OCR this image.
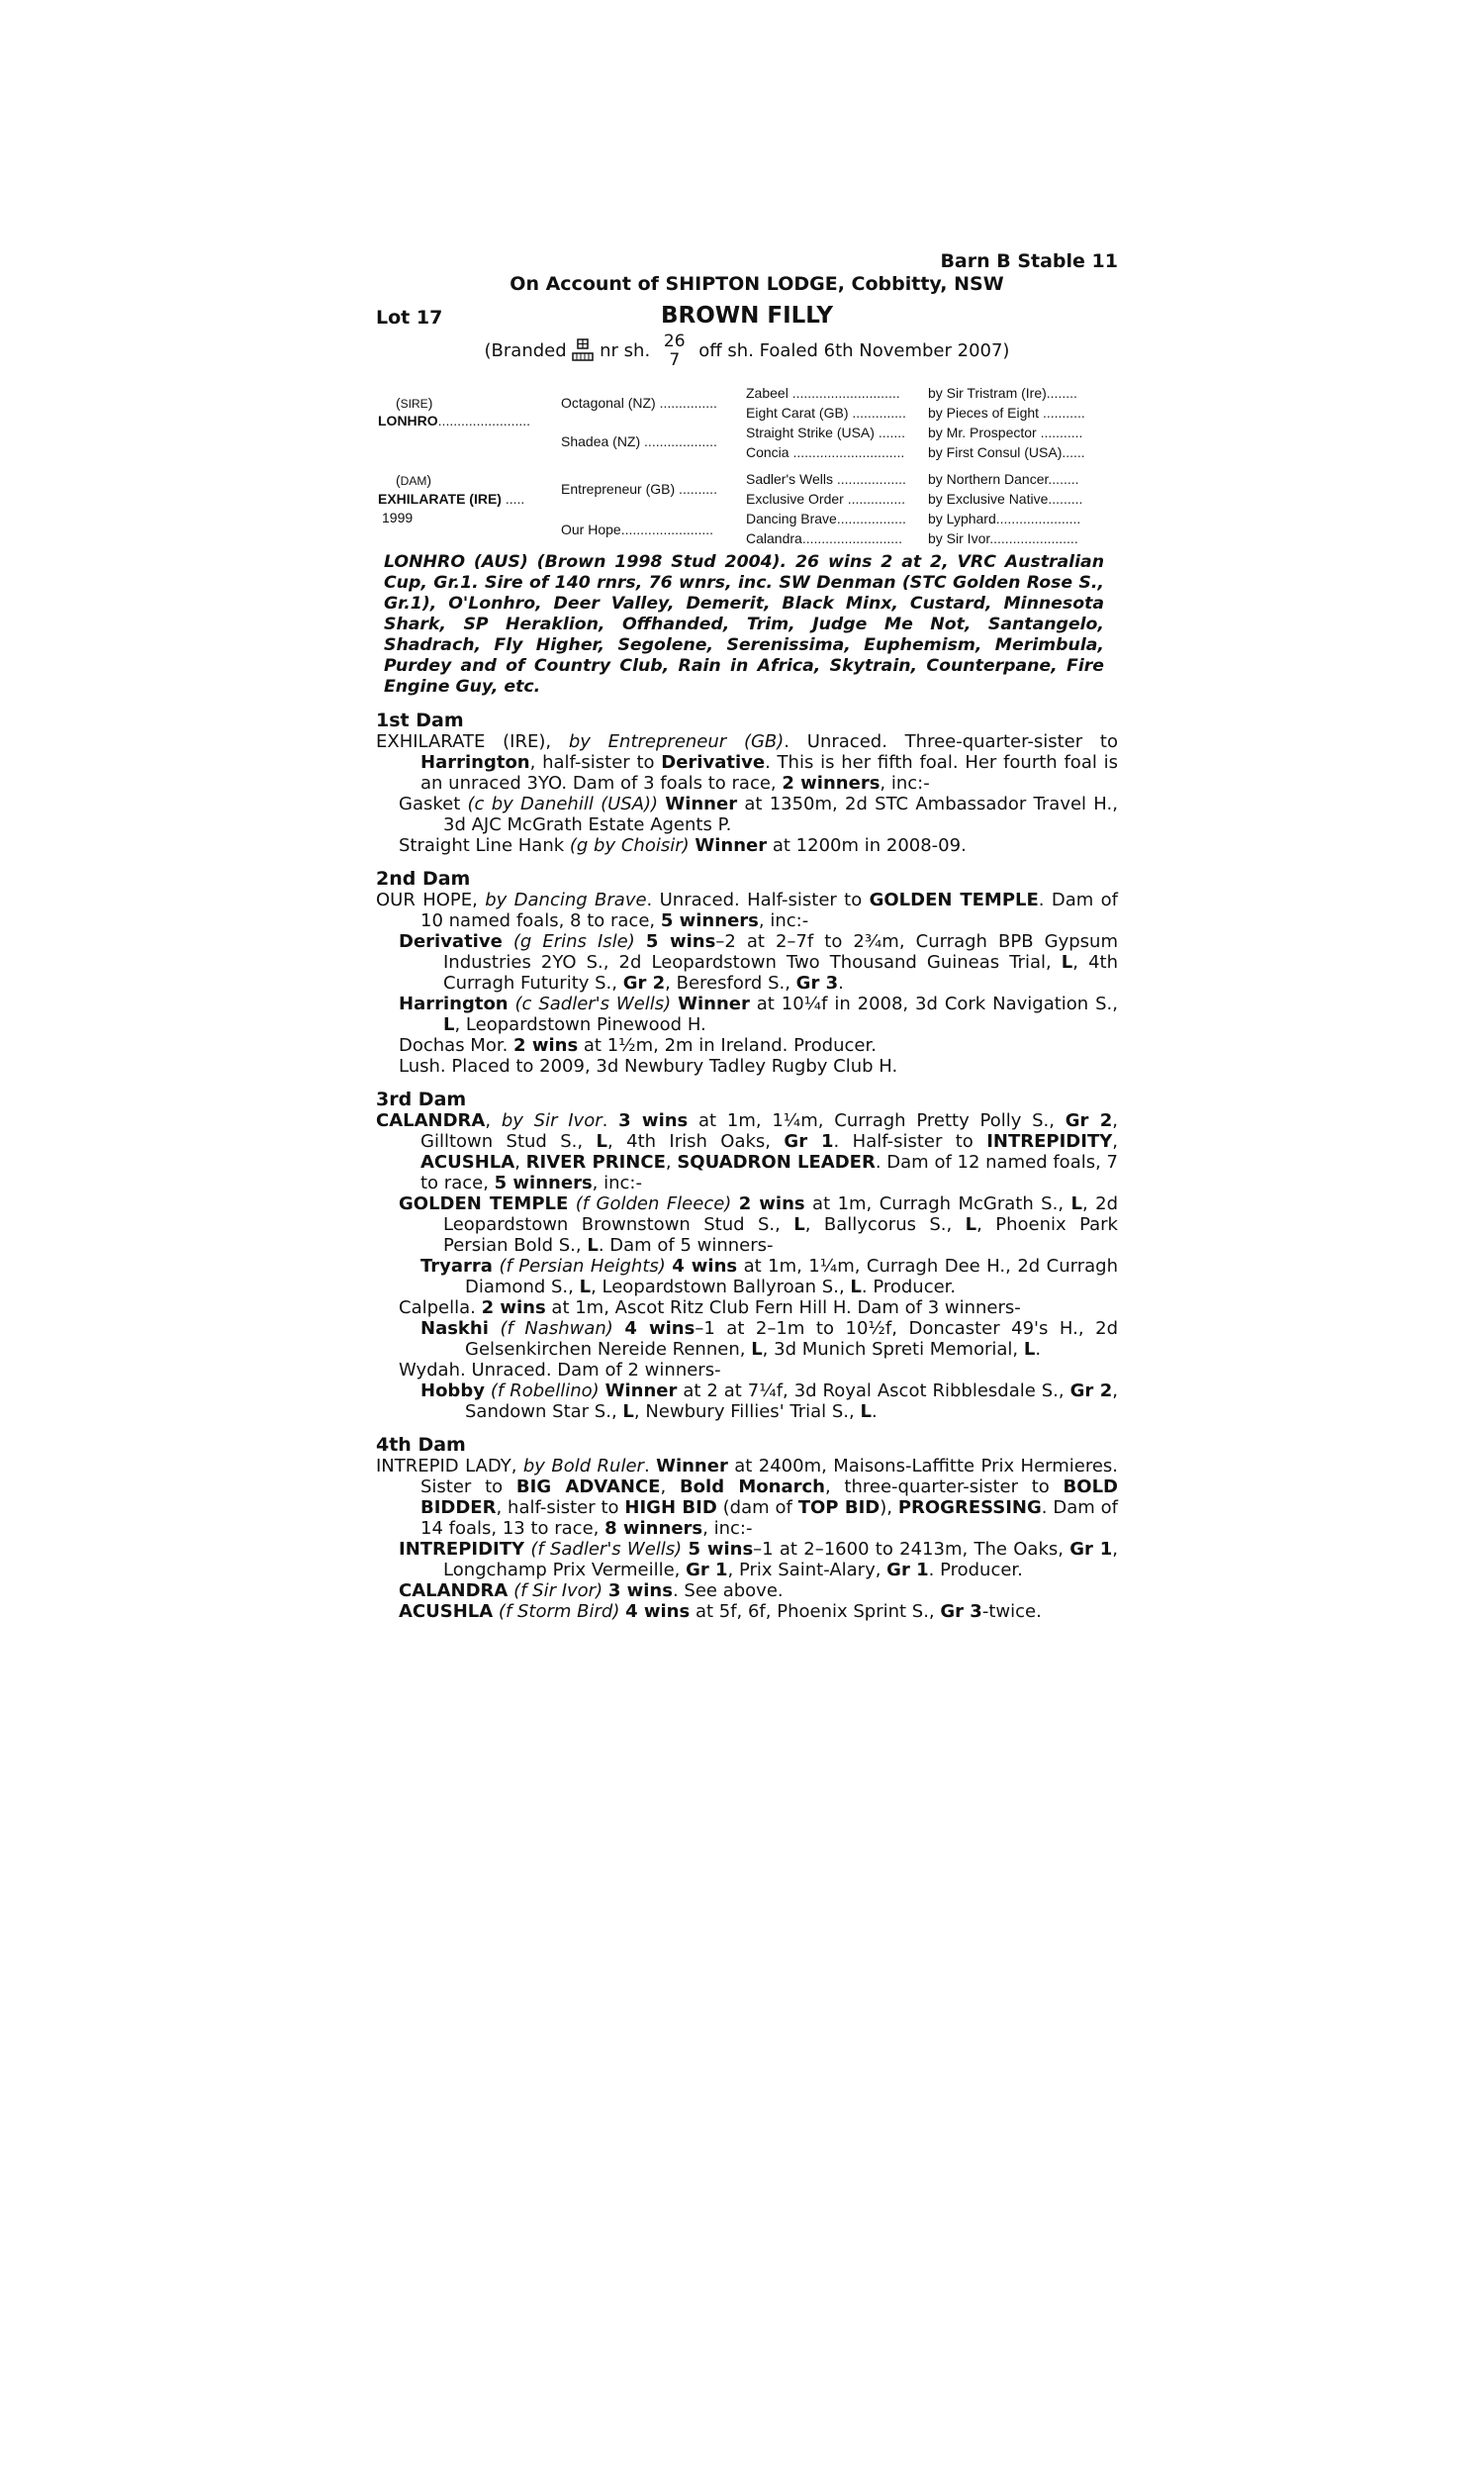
Barn B Stable 11
On Account of SHIPTON LODGE, Cobbitty, NSW
Lot 17	BROWN FILLY
(Branded nr sh. 26
7	off sh. Foaled 6th November 2007)
(SIRE)
LONHRO........................
(DAM)
EXHILARATE (IRE) .....
1999
Octagonal (NZ) ...............
Shadea (NZ) ...................
Entrepreneur (GB) ..........
Our Hope........................
Zabeel ............................
Eight Carat (GB) ..............
Straight Strike (USA) .......
Concia .............................
Sadler's Wells ..................
Exclusive Order ...............
Dancing Brave..................
Calandra..........................
by Sir Tristram (Ire)........
by Pieces of Eight ...........
by Mr. Prospector ...........
by First Consul (USA)......
by Northern Dancer........
by Exclusive Native.........
by Lyphard......................
by Sir Ivor.......................
LONHRO (AUS) (Brown 1998 Stud 2004). 26 wins 2 at 2, VRC Australian Cup, Gr.1. Sire of 140 rnrs, 76 wnrs, inc. SW Denman (STC Golden Rose S., Gr.1), O'Lonhro, Deer Valley, Demerit, Black Minx, Custard, Minnesota Shark, SP Heraklion, Offhanded, Trim, Judge Me Not, Santangelo, Shadrach, Fly Higher, Segolene, Serenissima, Euphemism, Merimbula, Purdey and of Country Club, Rain in Africa, Skytrain, Counterpane, Fire Engine Guy, etc.
1st Dam
EXHILARATE (IRE), by Entrepreneur (GB). Unraced. Three-quarter-sister to Harrington, half-sister to Derivative. This is her fifth foal. Her fourth foal is an unraced 3YO. Dam of 3 foals to race, 2 winners, inc:-
Gasket (c by Danehill (USA)) Winner at 1350m, 2d STC Ambassador Travel H., 3d AJC McGrath Estate Agents P.
Straight Line Hank (g by Choisir) Winner at 1200m in 2008-09.
2nd Dam
OUR HOPE, by Dancing Brave. Unraced. Half-sister to GOLDEN TEMPLE. Dam of 10 named foals, 8 to race, 5 winners, inc:-
Derivative (g Erins Isle) 5 wins–2 at 2–7f to 2¾m, Curragh BPB Gypsum Industries 2YO S., 2d Leopardstown Two Thousand Guineas Trial, L, 4th Curragh Futurity S., Gr 2, Beresford S., Gr 3.
Harrington (c Sadler's Wells) Winner at 10¼f in 2008, 3d Cork Navigation S., L, Leopardstown Pinewood H.
Dochas Mor. 2 wins at 1½m, 2m in Ireland. Producer.
Lush. Placed to 2009, 3d Newbury Tadley Rugby Club H.
3rd Dam
CALANDRA, by Sir Ivor. 3 wins at 1m, 1¼m, Curragh Pretty Polly S., Gr 2, Gilltown Stud S., L, 4th Irish Oaks, Gr 1. Half-sister to INTREPIDITY, ACUSHLA, RIVER PRINCE, SQUADRON LEADER. Dam of 12 named foals, 7 to race, 5 winners, inc:-
GOLDEN TEMPLE (f Golden Fleece) 2 wins at 1m, Curragh McGrath S., L, 2d Leopardstown Brownstown Stud S., L, Ballycorus S., L, Phoenix Park Persian Bold S., L. Dam of 5 winners-
Tryarra (f Persian Heights) 4 wins at 1m, 1¼m, Curragh Dee H., 2d Curragh Diamond S., L, Leopardstown Ballyroan S., L. Producer.
Calpella. 2 wins at 1m, Ascot Ritz Club Fern Hill H. Dam of 3 winners-
Naskhi (f Nashwan) 4 wins–1 at 2–1m to 10½f, Doncaster 49's H., 2d Gelsenkirchen Nereide Rennen, L, 3d Munich Spreti Memorial, L.
Wydah. Unraced. Dam of 2 winners-
Hobby (f Robellino) Winner at 2 at 7¼f, 3d Royal Ascot Ribblesdale S., Gr 2, Sandown Star S., L, Newbury Fillies' Trial S., L.
4th Dam
INTREPID LADY, by Bold Ruler. Winner at 2400m, Maisons-Laffitte Prix Hermieres. Sister to BIG ADVANCE, Bold Monarch, three-quarter-sister to BOLD BIDDER, half-sister to HIGH BID (dam of TOP BID), PROGRESSING. Dam of 14 foals, 13 to race, 8 winners, inc:-
INTREPIDITY (f Sadler's Wells) 5 wins–1 at 2–1600 to 2413m, The Oaks, Gr 1, Longchamp Prix Vermeille, Gr 1, Prix Saint-Alary, Gr 1. Producer.
CALANDRA (f Sir Ivor) 3 wins. See above.
ACUSHLA (f Storm Bird) 4 wins at 5f, 6f, Phoenix Sprint S., Gr 3-twice.
